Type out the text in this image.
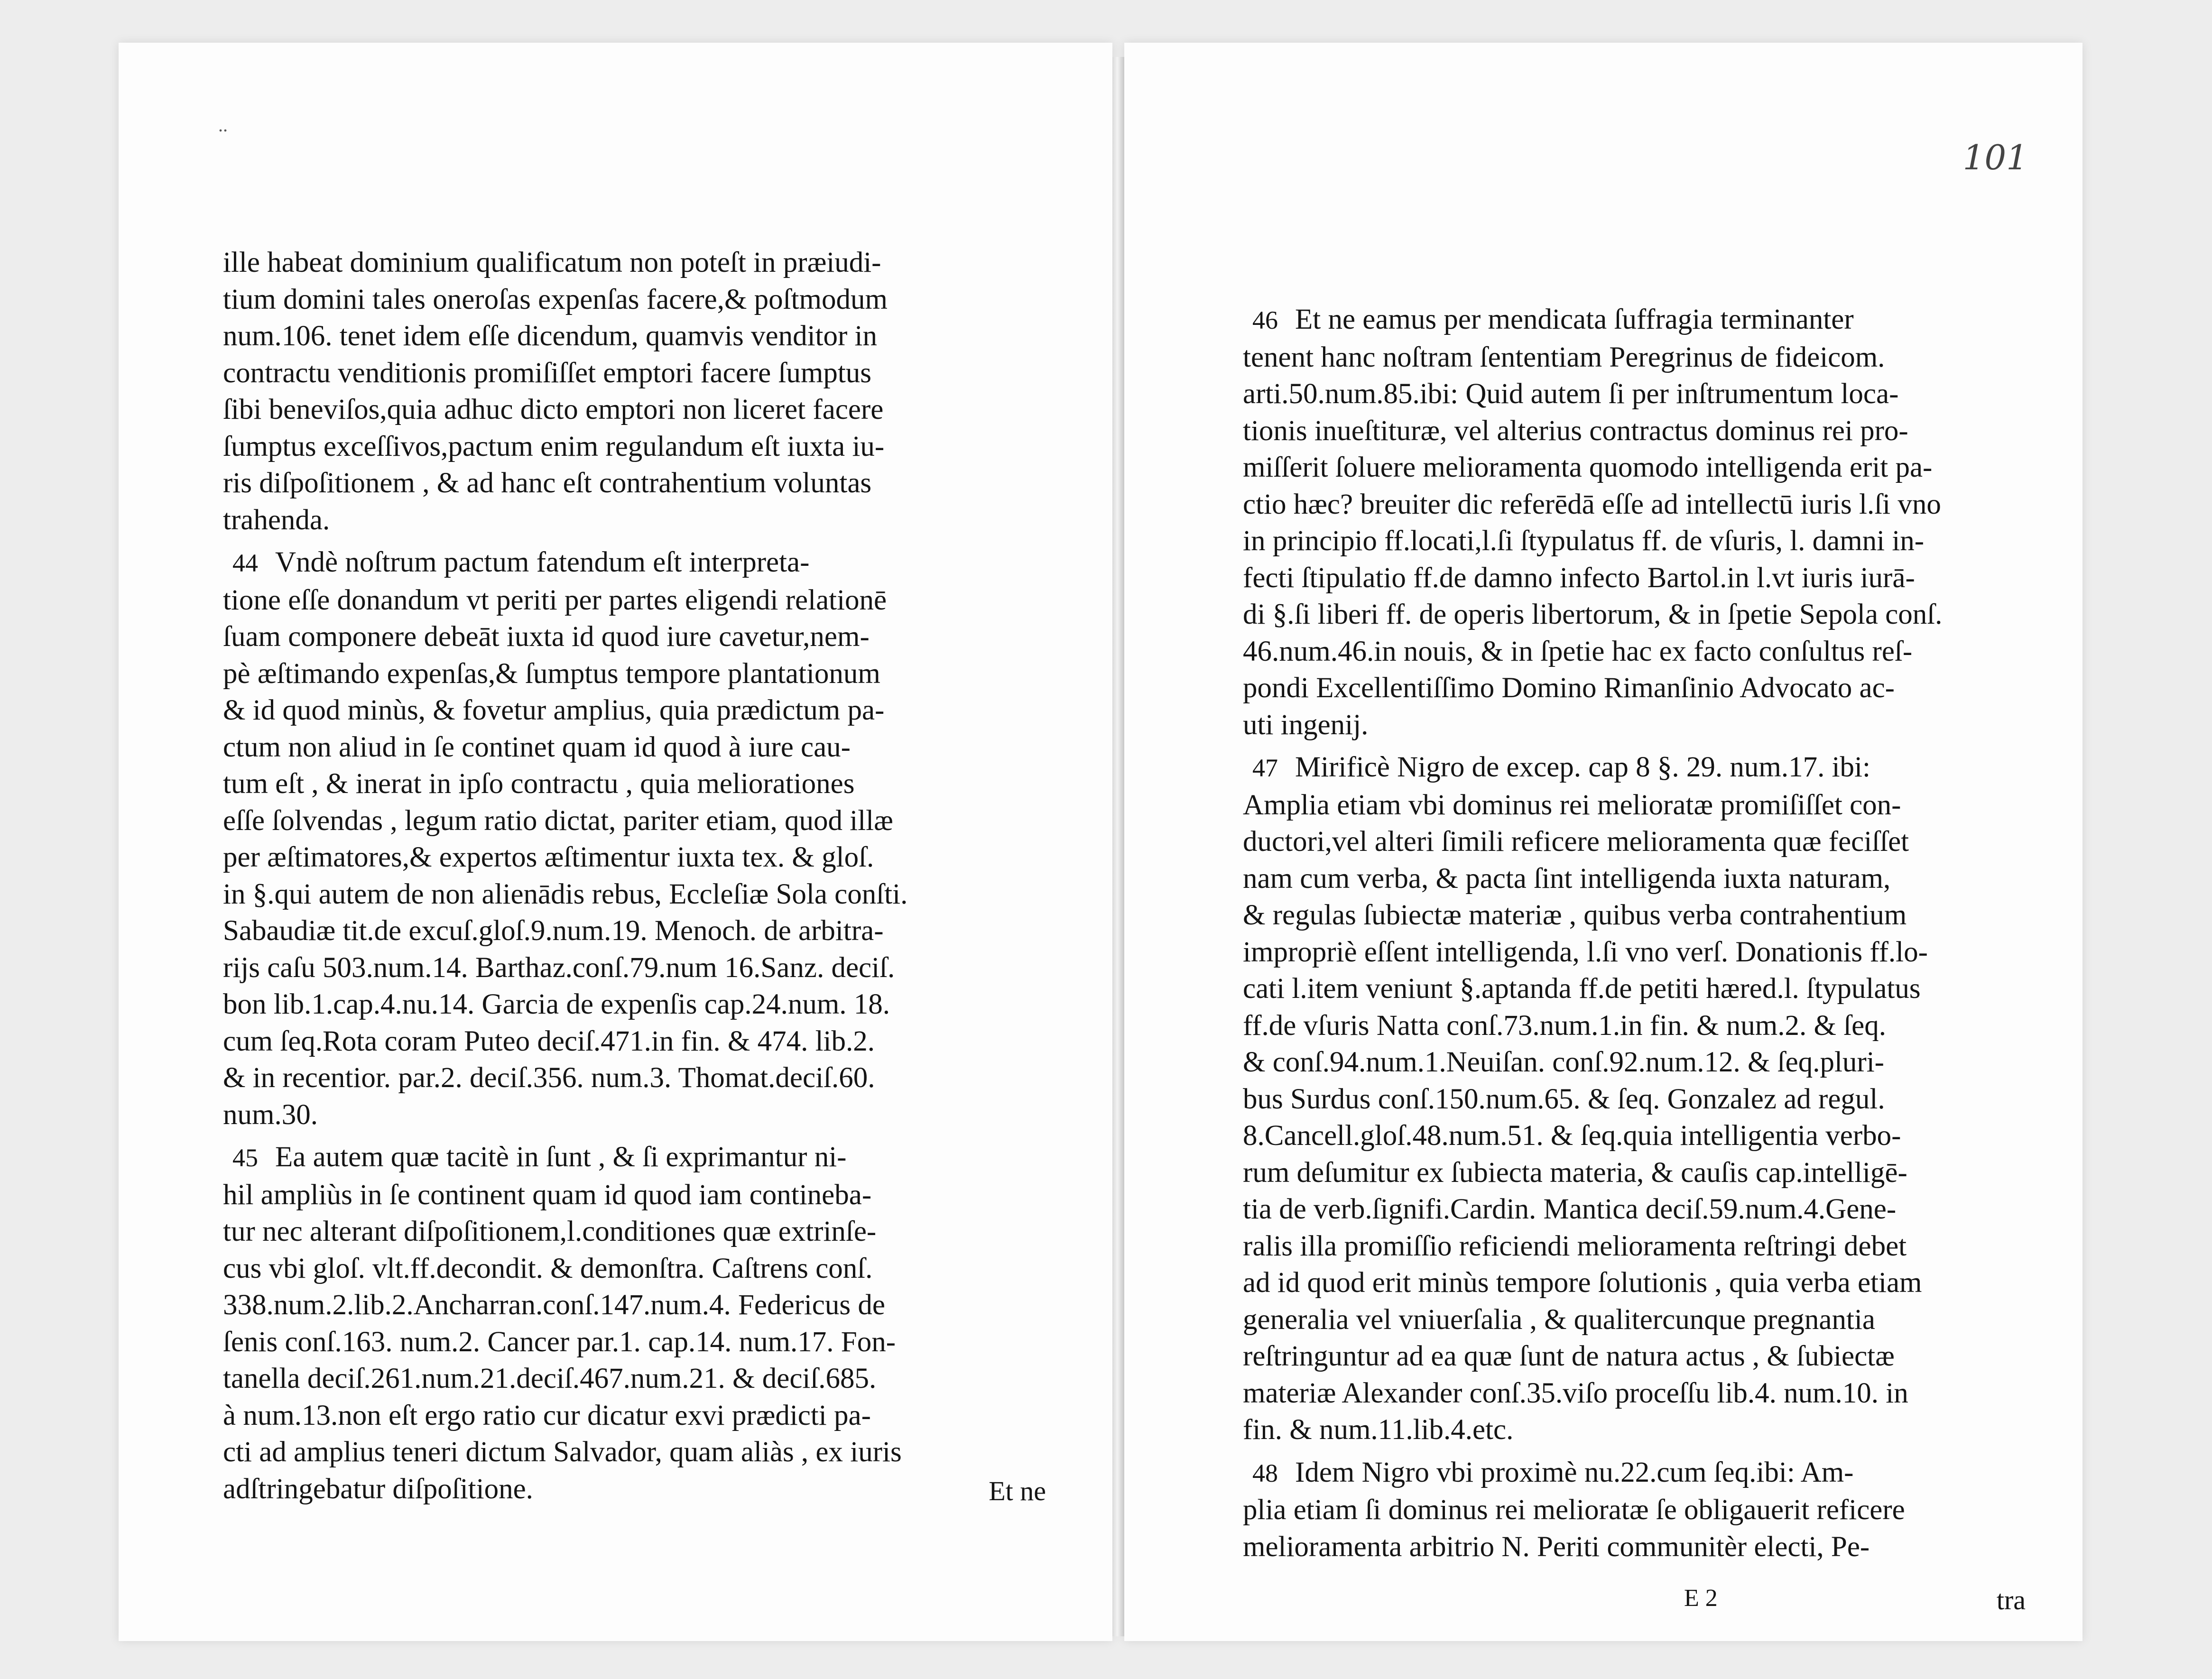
..
ille habeat dominium qualificatum non poteſt in præiudi-
tium domini tales oneroſas expenſas facere,& poſtmodum
num.106. tenet idem eſſe dicendum, quamvis venditor in
contractu venditionis promiſiſſet emptori facere ſumptus
ſibi beneviſos,quia adhuc dicto emptori non liceret facere
ſumptus exceſſivos,pactum enim regulandum eſt iuxta iu-
ris diſpoſitionem , & ad hanc eſt contrahentium voluntas
trahenda.
44 Vndè noſtrum pactum fatendum eſt interpreta-
tione eſſe donandum vt periti per partes eligendi relationē
ſuam componere debeāt iuxta id quod iure cavetur,nem-
pè æſtimando expenſas,& ſumptus tempore plantationum
& id quod minùs, & fovetur amplius, quia prædictum pa-
ctum non aliud in ſe continet quam id quod à iure cau-
tum eſt , & inerat in ipſo contractu , quia meliorationes
eſſe ſolvendas , legum ratio dictat, pariter etiam, quod illæ
per æſtimatores,& expertos æſtimentur iuxta tex. & gloſ.
in §.qui autem de non alienādis rebus, Eccleſiæ Sola conſti.
Sabaudiæ tit.de excuſ.gloſ.9.num.19. Menoch. de arbitra-
rijs caſu 503.num.14. Barthaz.conſ.79.num 16.Sanz. deciſ.
bon lib.1.cap.4.nu.14. Garcia de expenſis cap.24.num. 18.
cum ſeq.Rota coram Puteo deciſ.471.in fin. & 474. lib.2.
& in recentior. par.2. deciſ.356. num.3. Thomat.deciſ.60.
num.30.
45 Ea autem quæ tacitè in ſunt , & ſi exprimantur ni-
hil ampliùs in ſe continent quam id quod iam contineba-
tur nec alterant diſpoſitionem,l.conditiones quæ extrinſe-
cus vbi gloſ. vlt.ff.decondit. & demonſtra. Caſtrens conſ.
338.num.2.lib.2.Ancharran.conſ.147.num.4. Federicus de
ſenis conſ.163. num.2. Cancer par.1. cap.14. num.17. Fon-
tanella deciſ.261.num.21.deciſ.467.num.21. & deciſ.685.
à num.13.non eſt ergo ratio cur dicatur exvi prædicti pa-
cti ad amplius teneri dictum Salvador, quam aliàs , ex iuris
adſtringebatur diſpoſitione.	Et ne
101
46 Et ne eamus per mendicata ſuffragia terminanter
tenent hanc noſtram ſententiam Peregrinus de fideicom.
arti.50.num.85.ibi: Quid autem ſi per inſtrumentum loca-
tionis inueſtituræ, vel alterius contractus dominus rei pro-
miſſerit ſoluere melioramenta quomodo intelligenda erit pa-
ctio hæc? breuiter dic referēdā eſſe ad intellectū iuris l.ſi vno
in principio ff.locati,l.ſi ſtypulatus ff. de vſuris, l. damni in-
fecti ſtipulatio ff.de damno infecto Bartol.in l.vt iuris iurā-
di §.ſi liberi ff. de operis libertorum, & in ſpetie Sepola conſ.
46.num.46.in nouis, & in ſpetie hac ex facto conſultus reſ-
pondi Excellentiſſimo Domino Rimanſinio Advocato ac-
uti ingenij.
47 Mirificè Nigro de excep. cap 8 §. 29. num.17. ibi:
Amplia etiam vbi dominus rei melioratæ promiſiſſet con-
ductori,vel alteri ſimili reficere melioramenta quæ feciſſet
nam cum verba, & pacta ſint intelligenda iuxta naturam,
& regulas ſubiectæ materiæ , quibus verba contrahentium
impropriè eſſent intelligenda, l.ſi vno verſ. Donationis ff.lo-
cati l.item veniunt §.aptanda ff.de petiti hæred.l. ſtypulatus
ff.de vſuris Natta conſ.73.num.1.in fin. & num.2. & ſeq.
& conſ.94.num.1.Neuiſan. conſ.92.num.12. & ſeq.pluri-
bus Surdus conſ.150.num.65. & ſeq. Gonzalez ad regul.
8.Cancell.gloſ.48.num.51. & ſeq.quia intelligentia verbo-
rum deſumitur ex ſubiecta materia, & cauſis cap.intelligē-
tia de verb.ſignifi.Cardin. Mantica deciſ.59.num.4.Gene-
ralis illa promiſſio reficiendi melioramenta reſtringi debet
ad id quod erit minùs tempore ſolutionis , quia verba etiam
generalia vel vniuerſalia , & qualitercunque pregnantia
reſtringuntur ad ea quæ ſunt de natura actus , & ſubiectæ
materiæ Alexander conſ.35.viſo proceſſu lib.4. num.10. in
fin. & num.11.lib.4.etc.
48 Idem Nigro vbi proximè nu.22.cum ſeq.ibi: Am-
plia etiam ſi dominus rei melioratæ ſe obligauerit reficere
melioramenta arbitrio N. Periti communitèr electi, Pe-
E 2	tra
